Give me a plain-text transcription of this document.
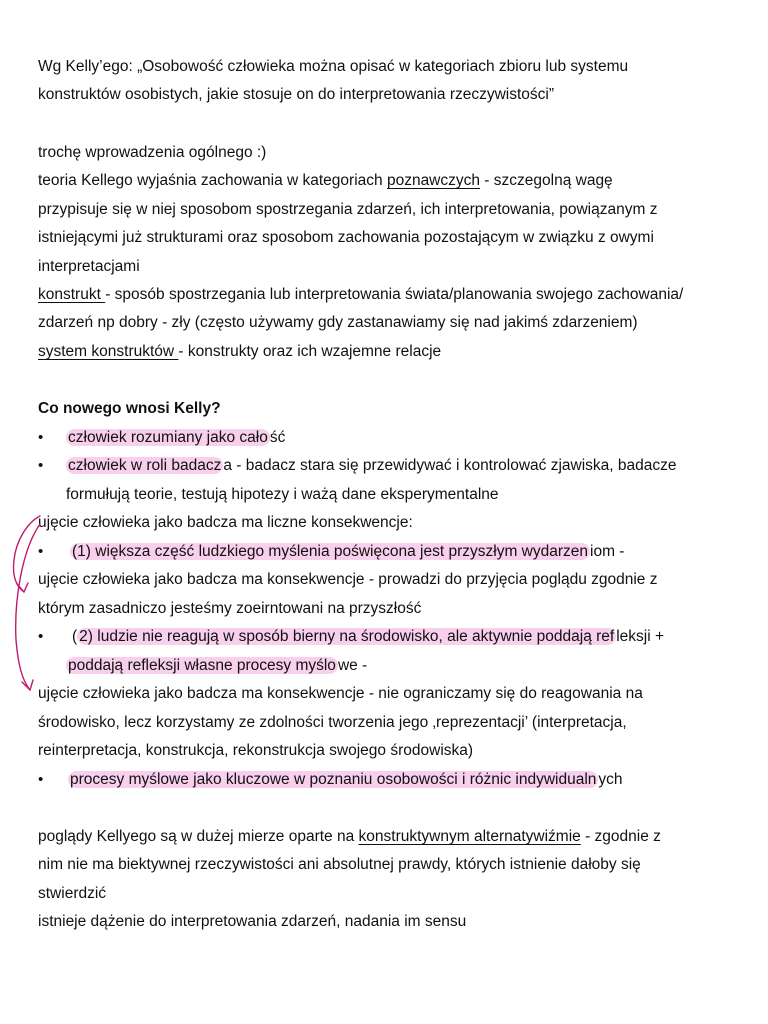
Wg Kelly’ego: „Osobowość człowieka można opisać w kategoriach zbioru lub systemu
konstruktów osobistych, jakie stosuje on do interpretowania rzeczywistości”
trochę wprowadzenia ogólnego :)
teoria Kellego wyjaśnia zachowania w kategoriach poznawczych - szczegolną wagę
przypisuje się w niej sposobom spostrzegania zdarzeń, ich interpretowania, powiązanym z
istniejącymi już strukturami oraz sposobom zachowania pozostającym w związku z owymi
interpretacjami
konstrukt - sposób spostrzegania lub interpretowania świata/planowania swojego zachowania/
zdarzeń np dobry - zły (często używamy gdy zastanawiamy się nad jakimś zdarzeniem)
system konstruktów - konstrukty oraz ich wzajemne relacje
Co nowego wnosi Kelly?
• człowiek rozumiany jako cało ść
• człowiek w roli badacz a - badacz stara się przewidywać i kontrolować zjawiska, badacze
formułują teorie, testują hipotezy i ważą dane eksperymentalne
ujęcie człowieka jako badcza ma liczne konsekwencje:
• (1) większa część ludzkiego myślenia poświęcona jest przyszłym wydarzen iom -
ujęcie człowieka jako badcza ma konsekwencje - prowadzi do przyjęcia poglądu zgodnie z
którym zasadniczo jesteśmy zoeirntowani na przyszłość
• ( 2) ludzie nie reagują w sposób bierny na środowisko, ale aktywnie poddają ref leksji +
poddają refleksji własne procesy myślo we -
ujęcie człowieka jako badcza ma konsekwencje - nie ograniczamy się do reagowania na
środowisko, lecz korzystamy ze zdolności tworzenia jego ‚reprezentacji’ (interpretacja,
reinterpretacja, konstrukcja, rekonstrukcja swojego środowiska)
• procesy myślowe jako kluczowe w poznaniu osobowości i różnic indywidualn ych
poglądy Kellyego są w dużej mierze oparte na konstruktywnym alternatywiźmie - zgodnie z
nim nie ma biektywnej rzeczywistości ani absolutnej prawdy, których istnienie dałoby się
stwierdzić
istnieje dążenie do interpretowania zdarzeń, nadania im sensu
